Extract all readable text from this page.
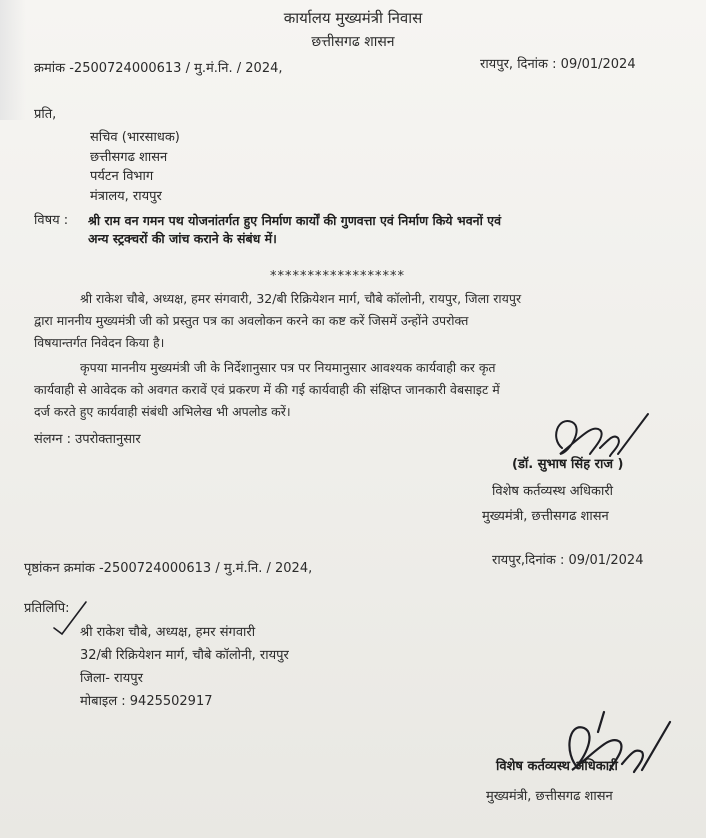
कार्यालय मुख्यमंत्री निवास
छत्तीसगढ शासन
क्रमांक -2500724000613 / मु.मं.नि. / 2024,	रायपुर, दिनांक : 09/01/2024
प्रति,
सचिव (भारसाधक)
छत्तीसगढ शासन
पर्यटन विभाग
मंत्रालय, रायपुर
विषय : श्री राम वन गमन पथ योजनांतर्गत हुए निर्माण कार्यों की गुणवत्ता एवं निर्माण किये भवनों एवं
अन्य स्ट्रक्चरों की जांच कराने के संबंध में।
******************
श्री राकेश चौबे, अध्यक्ष, हमर संगवारी, 32/बी रिक्रियेशन मार्ग, चौबे कॉलोनी, रायपुर, जिला रायपुर
द्वारा माननीय मुख्यमंत्री जी को प्रस्तुत पत्र का अवलोकन करने का कष्ट करें जिसमें उन्होंने उपरोक्त
विषयान्तर्गत निवेदन किया है।
कृपया माननीय मुख्यमंत्री जी के निर्देशानुसार पत्र पर नियमानुसार आवश्यक कार्यवाही कर कृत
कार्यवाही से आवेदक को अवगत करावें एवं प्रकरण में की गई कार्यवाही की संक्षिप्त जानकारी वेबसाइट में
दर्ज करते हुए कार्यवाही संबंधी अभिलेख भी अपलोड करें।
संलग्न : उपरोक्तानुसार
(डॉ. सुभाष सिंह राज )
विशेष कर्तव्यस्थ अधिकारी
मुख्यमंत्री, छत्तीसगढ शासन
पृष्ठांकन क्रमांक -2500724000613 / मु.मं.नि. / 2024,
रायपुर,दिनांक : 09/01/2024
प्रतिलिपि:
श्री राकेश चौबे, अध्यक्ष, हमर संगवारी
32/बी रिक्रियेशन मार्ग, चौबे कॉलोनी, रायपुर
जिला- रायपुर
मोबाइल : 9425502917
विशेष कर्तव्यस्थ अधिकारी
मुख्यमंत्री, छत्तीसगढ शासन
